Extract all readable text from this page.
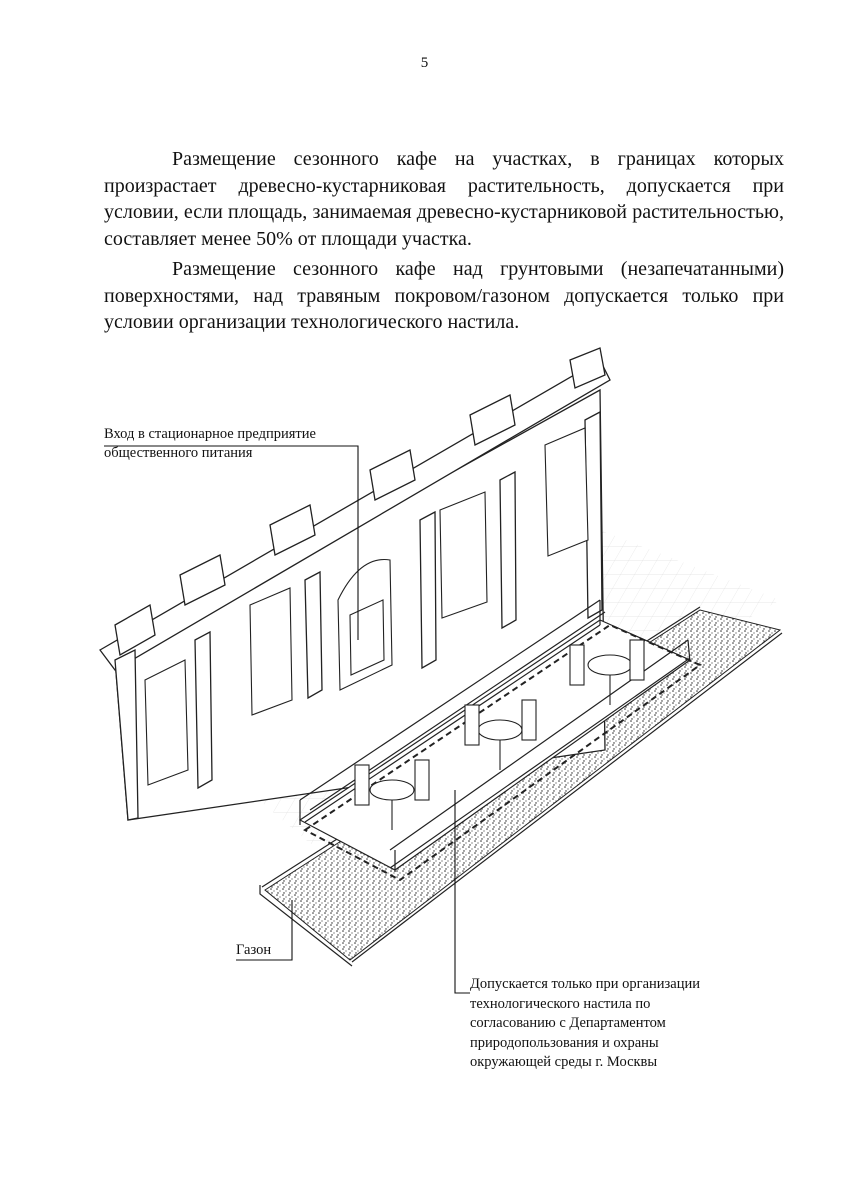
5

Размещение сезонного кафе на участках, в границах которых произрастает древесно-кустарниковая растительность, допускается при условии, если площадь, занимаемая древесно-кустарниковой растительностью, составляет менее 50% от площади участка.

Размещение сезонного кафе над грунтовыми (незапечатанными) поверхностями, над травяным покровом/газоном допускается только при условии организации технологического настила.

Вход в стационарное предприятие
общественного питания
Газон
Допускается только при организации
технологического настила по
согласованию с Департаментом
природопользования и охраны
окружающей среды г. Москвы
